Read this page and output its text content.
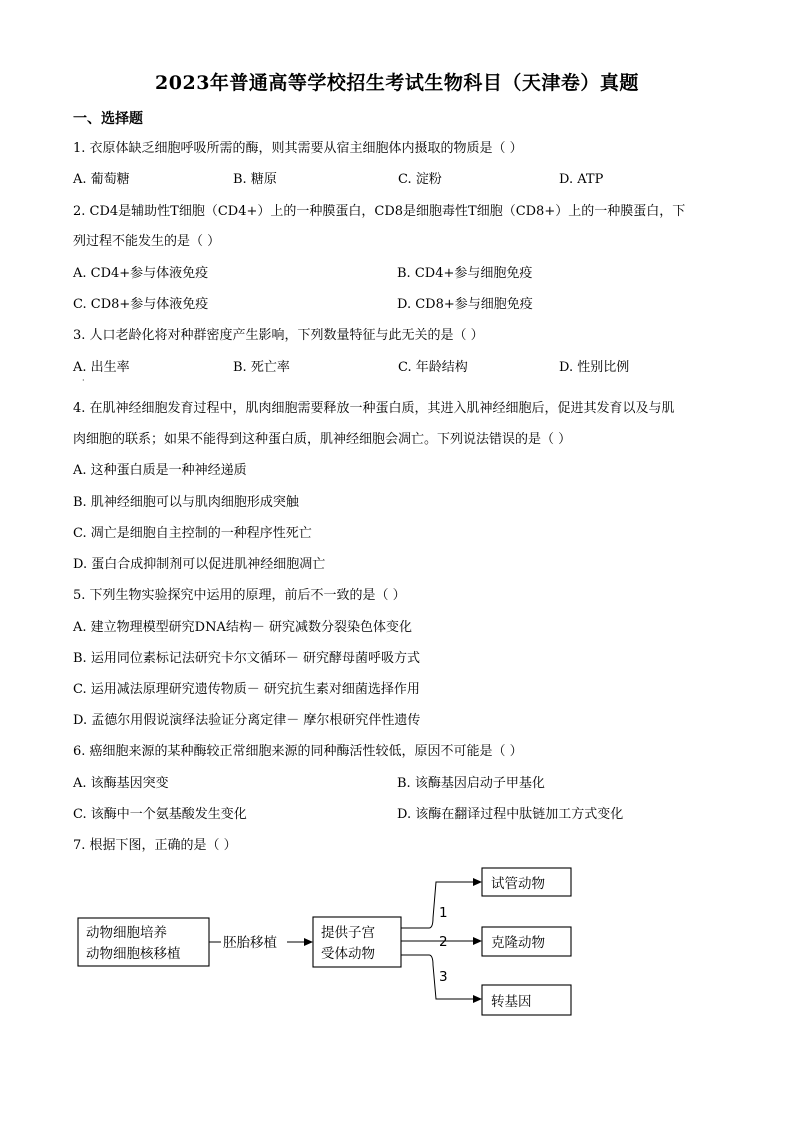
2023年普通高等学校招生考试生物科目（天津卷）真题
一、选择题
1. 衣原体缺乏细胞呼吸所需的酶，则其需要从宿主细胞体内摄取的物质是（ ）
A. 葡萄糖	B. 糖原	C. 淀粉	D. ATP
2. CD4是辅助性T细胞（CD4+）上的一种膜蛋白，CD8是细胞毒性T细胞（CD8+）上的一种膜蛋白，下
列过程不能发生的是（ ）
A. CD4+参与体液免疫	B. CD4+参与细胞免疫
C. CD8+参与体液免疫	D. CD8+参与细胞免疫
3. 人口老龄化将对种群密度产生影响，下列数量特征与此无关的是（ ）
A. 出生率	B. 死亡率	C. 年龄结构	D. 性别比例
·
4. 在肌神经细胞发育过程中，肌肉细胞需要释放一种蛋白质，其进入肌神经细胞后，促进其发育以及与肌
肉细胞的联系；如果不能得到这种蛋白质，肌神经细胞会凋亡。下列说法错误的是（ ）
A. 这种蛋白质是一种神经递质
B. 肌神经细胞可以与肌肉细胞形成突触
C. 凋亡是细胞自主控制的一种程序性死亡
D. 蛋白合成抑制剂可以促进肌神经细胞凋亡
5. 下列生物实验探究中运用的原理，前后不一致的是（ ）
A. 建立物理模型研究DNA结构－ 研究减数分裂染色体变化
B. 运用同位素标记法研究卡尔文循环－ 研究酵母菌呼吸方式
C. 运用减法原理研究遗传物质－ 研究抗生素对细菌选择作用
D. 孟德尔用假说演绎法验证分离定律－ 摩尔根研究伴性遗传
6. 癌细胞来源的某种酶较正常细胞来源的同种酶活性较低，原因不可能是（ ）
A. 该酶基因突变	B. 该酶基因启动子甲基化
C. 该酶中一个氨基酸发生变化	D. 该酶在翻译过程中肽链加工方式变化
7. 根据下图，正确的是（ ）
动物细胞培养
动物细胞核移植
胚胎移植
提供子宫
受体动物
1
2
3
试管动物
克隆动物
转基因
